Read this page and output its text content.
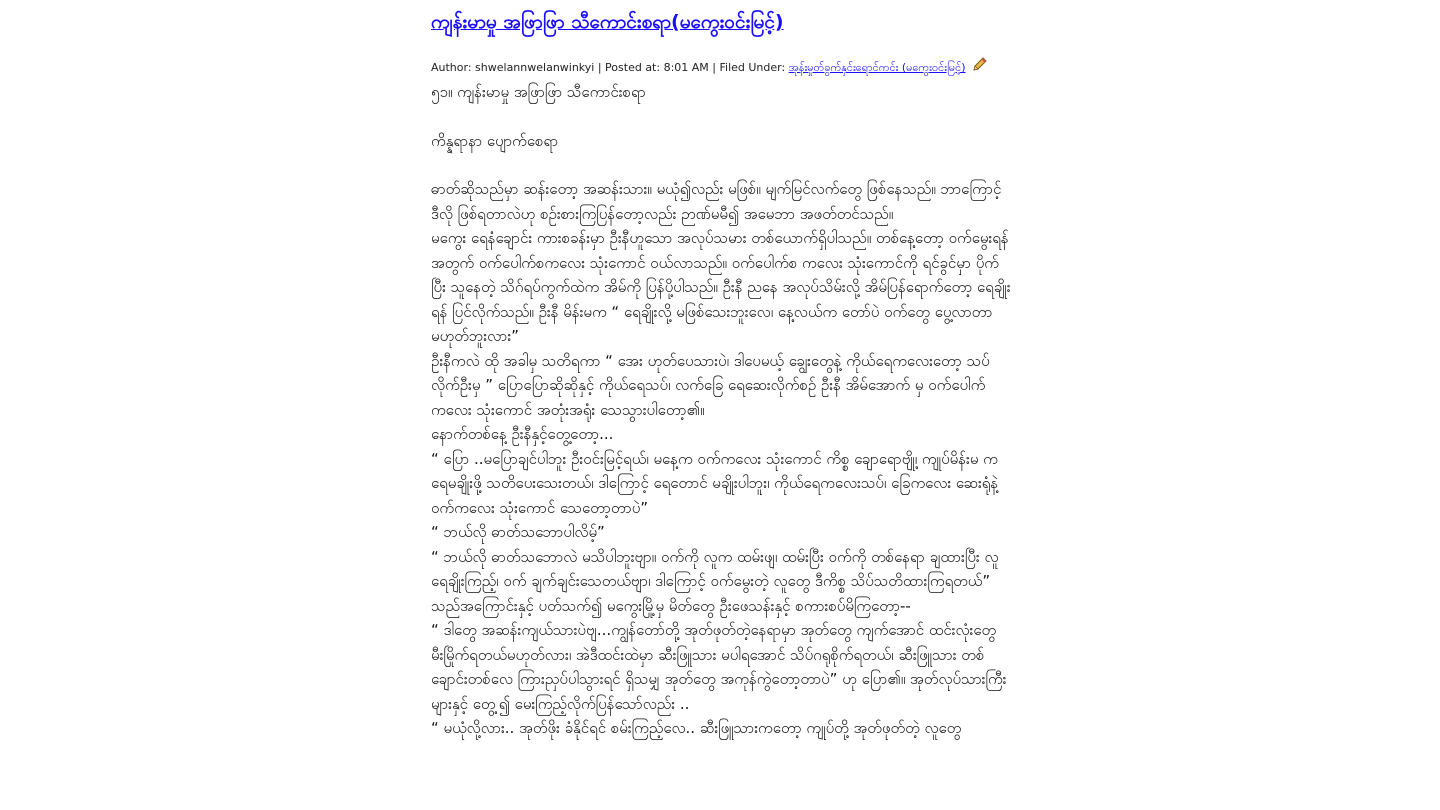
ကျန်းမာမှု အဖြာဖြာ သီကောင်းစရာ(မကွေးဝင်းမြင့်)
Author: shwelannwelanwinkyi | Posted at: 8:01 AM | Filed Under: အုန်းမှုတ်ခွက်နှင်းရောင်ကင်း (မကွေးဝင်းမြင့်)

၅၁။ ကျန်းမာမှု အဖြာဖြာ သီကောင်းစရာ

ကိန္နရာနာ ပျောက်စေရာ

ဓာတ်ဆိုသည်မှာ ဆန်းတော့ အဆန်းသား။ မယုံ၍လည်း မဖြစ်။ မျက်မြင်လက်တွေ ဖြစ်နေသည်။ ဘာကြောင့် ဒီလို ဖြစ်ရတာလဲဟု စဉ်းစားကြပြန်တော့လည်း ဉာဏ်မမီ၍ အမေဘာ အဖတ်တင်သည်။

မကွေး ရေနံချောင်း ကားစခန်းမှာ ဦးနီဟူသော အလုပ်သမား တစ်ယောက်ရှိပါသည်။ တစ်နေ့တော့ ဝက်မွေးရန် အတွက် ဝက်ပေါက်စကလေး သုံးကောင် ဝယ်လာသည်။ ဝက်ပေါက်စ ကလေး သုံးကောင်ကို ရင်ခွင်မှာ ပိုက်ပြီး သူနေတဲ့ သိဂ်ရပ်ကွက်ထဲက အိမ်ကို ပြန်ပို့ပါသည်။ ဦးနီ ညနေ အလုပ်သိမ်းလို့ အိမ်ပြန်ရောက်တော့ ရေချိုးရန် ပြင်လိုက်သည်။ ဦးနီ မိန်းမက “ ရေချိုးလို့ မဖြစ်သေးဘူးလေ၊ နေ့လယ်က တော်ပဲ ဝက်တွေ ပွေ့လာတာ မဟုတ်ဘူးလား”

ဦးနီကလဲ ထို အခါမှ သတိရကာ “ အေး ဟုတ်ပေသားပဲ၊ ဒါပေမယ့် ချွေးတွေနဲ့ ကိုယ်ရေကလေးတော့ သပ်လိုက်ဦးမှ ” ပြောပြောဆိုဆိုနှင့် ကိုယ်ရေသပ်၊ လက်ခြေ ရေဆေးလိုက်စဉ် ဦးနီ အိမ်အောက် မှ ဝက်ပေါက်ကလေး သုံးကောင် အတုံးအရုံး သေသွားပါတော့၏။

နောက်တစ်နေ့ ဦးနီနှင့်တွေ့တော့...

“ ပြော ..မပြောချင်ပါဘူး ဦးဝင်းမြင့်ရယ်၊ မနေ့က ဝက်ကလေး သုံးကောင် ကိစ္စ ချောရောဗျို့၊ ကျုပ်မိန်းမ က ရေမချိုးဖို့ သတိပေးသေးတယ်၊ ဒါကြောင့် ရေတောင် မချိုးပါဘူး၊ ကိုယ်ရေကလေးသပ်၊ ခြေကလေး ဆေးရုံနဲ့ ဝက်ကလေး သုံးကောင် သေတော့တာပဲ”

“ ဘယ်လို ဓာတ်သဘောပါလိမ့်”

“ ဘယ်လို ဓာတ်သဘောလဲ မသိပါဘူးဗျာ။ ဝက်ကို လူက ထမ်းဖျ၊ ထမ်းပြီး ဝက်ကို တစ်နေရာ ချထားပြီး လူရေချိုးကြည့်၊ ဝက် ချက်ချင်းသေတယ်ဗျာ၊ ဒါကြောင့် ဝက်မွေးတဲ့ လူတွေ ဒီကိစ္စ သိပ်သတိထားကြရတယ်”

သည်အကြောင်းနှင့် ပတ်သက်၍ မကွေးမြို့မှ မိတ်တွေ ဦးဖေသန်းနှင့် စကားစပ်မိကြတော့--

“ ဒါတွေ အဆန်းကျယ်သားပဲဗျ...ကျွန်တော်တို့ အုတ်ဖုတ်တဲ့နေရာမှာ အုတ်တွေ ကျက်အောင် ထင်းလုံးတွေ မီးမြိုက်ရတယ်မဟုတ်လား၊ အဲဒီထင်းထဲမှာ ဆီးဖြူသား မပါရအောင် သိပ်ဂရုစိုက်ရတယ်၊ ဆီးဖြူသား တစ်ချောင်းတစ်လေ ကြားညှပ်ပါသွားရင် ရှိသမျှ အုတ်တွေ အကုန်ကွဲတော့တာပဲ” ဟု ပြော၏။ အုတ်လုပ်သားကြီးများနှင့် တွေ့၍ မေးကြည့်လိုက်ပြန်သော်လည်း ..

“ မယုံလို့လား.. အုတ်ဖိုး ခံနိုင်ရင် စမ်းကြည့်လေ.. ဆီးဖြူသားကတော့ ကျုပ်တို့ အုတ်ဖုတ်တဲ့ လူတွေ
